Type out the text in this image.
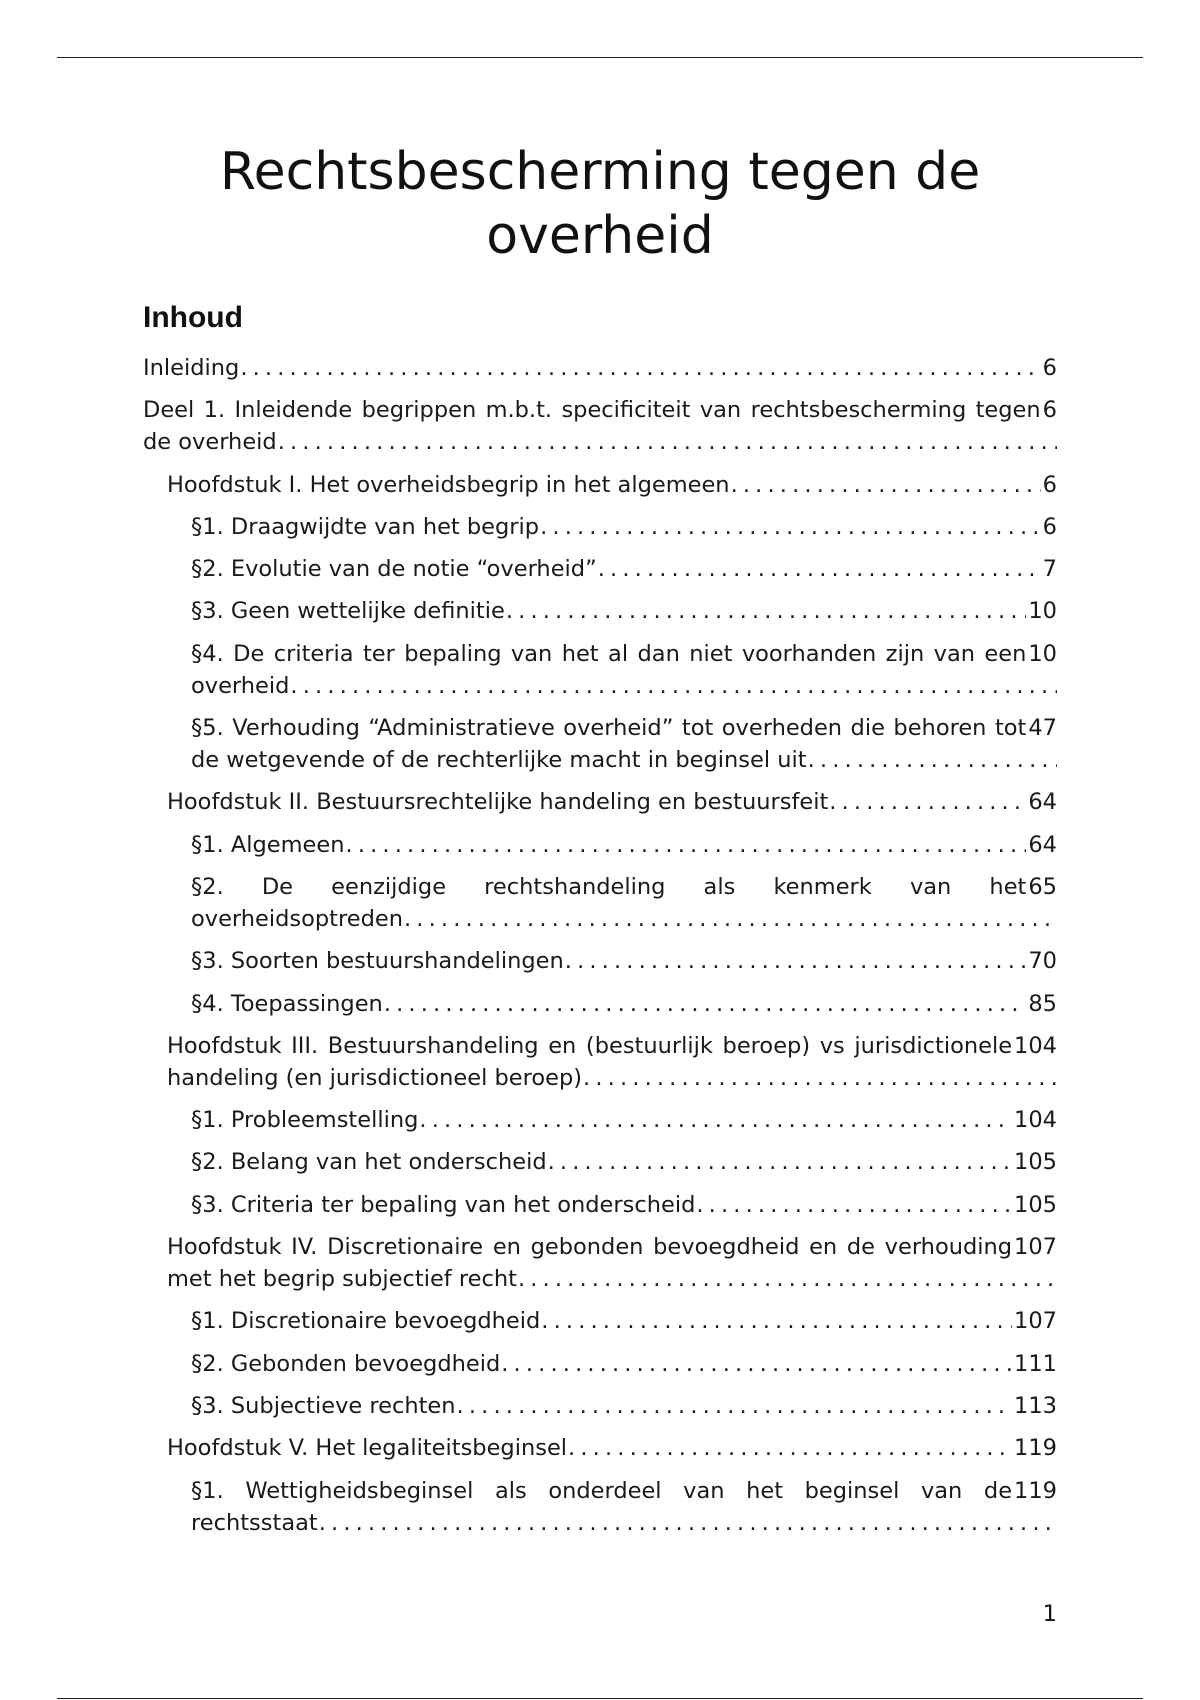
Rechtsbescherming tegen de overheid
Inhoud
6
Inleiding
6
Deel 1. Inleidende begrippen m.b.t. specificiteit van rechtsbescherming tegen de overheid
6
Hoofdstuk I. Het overheidsbegrip in het algemeen
6
§1. Draagwijdte van het begrip
7
§2. Evolutie van de notie “overheid”
10
§3. Geen wettelijke definitie
10
§4. De criteria ter bepaling van het al dan niet voorhanden zijn van een overheid
47
§5. Verhouding “Administratieve overheid” tot overheden die behoren tot de wetgevende of de rechterlijke macht in beginsel uit
64
Hoofdstuk II. Bestuursrechtelijke handeling en bestuursfeit
64
§1. Algemeen
65
§2. De eenzijdige rechtshandeling als kenmerk van het overheidsoptreden
70
§3. Soorten bestuurshandelingen
85
§4. Toepassingen
104
Hoofdstuk III. Bestuurshandeling en (bestuurlijk beroep) vs jurisdictionele handeling (en jurisdictioneel beroep)
104
§1. Probleemstelling
105
§2. Belang van het onderscheid
105
§3. Criteria ter bepaling van het onderscheid
107
Hoofdstuk IV. Discretionaire en gebonden bevoegdheid en de verhouding met het begrip subjectief recht
107
§1. Discretionaire bevoegdheid
111
§2. Gebonden bevoegdheid
113
§3. Subjectieve rechten
119
Hoofdstuk V. Het legaliteitsbeginsel
119
§1. Wettigheidsbeginsel als onderdeel van het beginsel van de rechtsstaat
1
